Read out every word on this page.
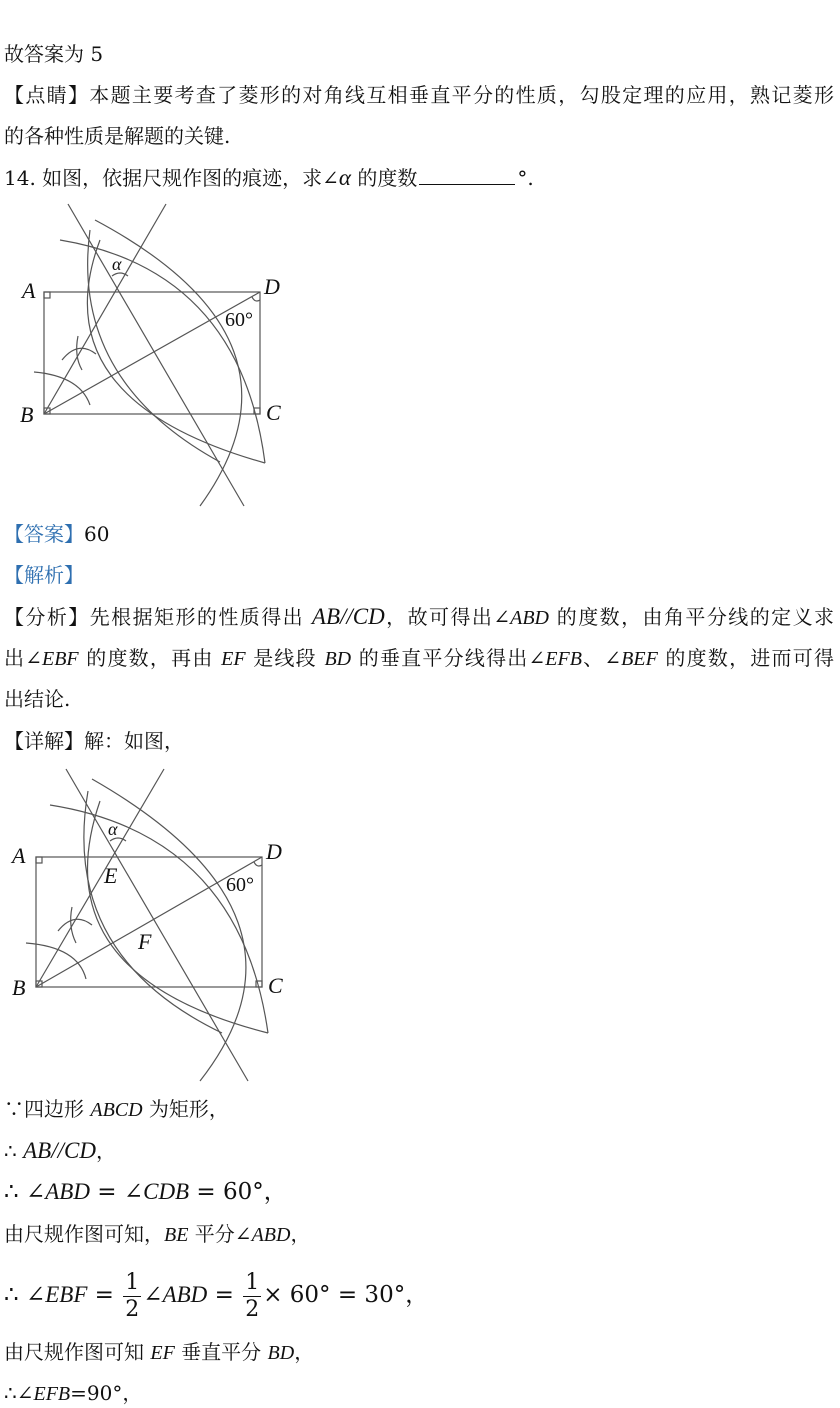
故答案为 5
【点睛】本题主要考查了菱形的对角线互相垂直平分的性质，勾股定理的应用，熟记菱形
的各种性质是解题的关键.
14. 如图，依据尺规作图的痕迹，求∠α 的度数	°.
A
B	C
D
α
60°
【答案】60
【解析】
【分析】先根据矩形的性质得出 AB//CD，故可得出∠ABD 的度数，由角平分线的定义求
出∠EBF 的度数，再由 EF 是线段 BD 的垂直平分线得出∠EFB、∠BEF 的度数，进而可得
出结论.
【详解】解：如图，
A
B	C
D
E
F
α
60°
∵四边形 ABCD 为矩形，
∴ AB//CD，
∴ ∠ABD = ∠CDB = 60°，
由尺规作图可知，BE 平分∠ABD，
∴ ∠EBF = $\frac{1}{2}$ ∠ABD = $\frac{1}{2} \times 60^\circ = 30^\circ$，
由尺规作图可知 EF 垂直平分 BD，
∴∠EFB=90°，
